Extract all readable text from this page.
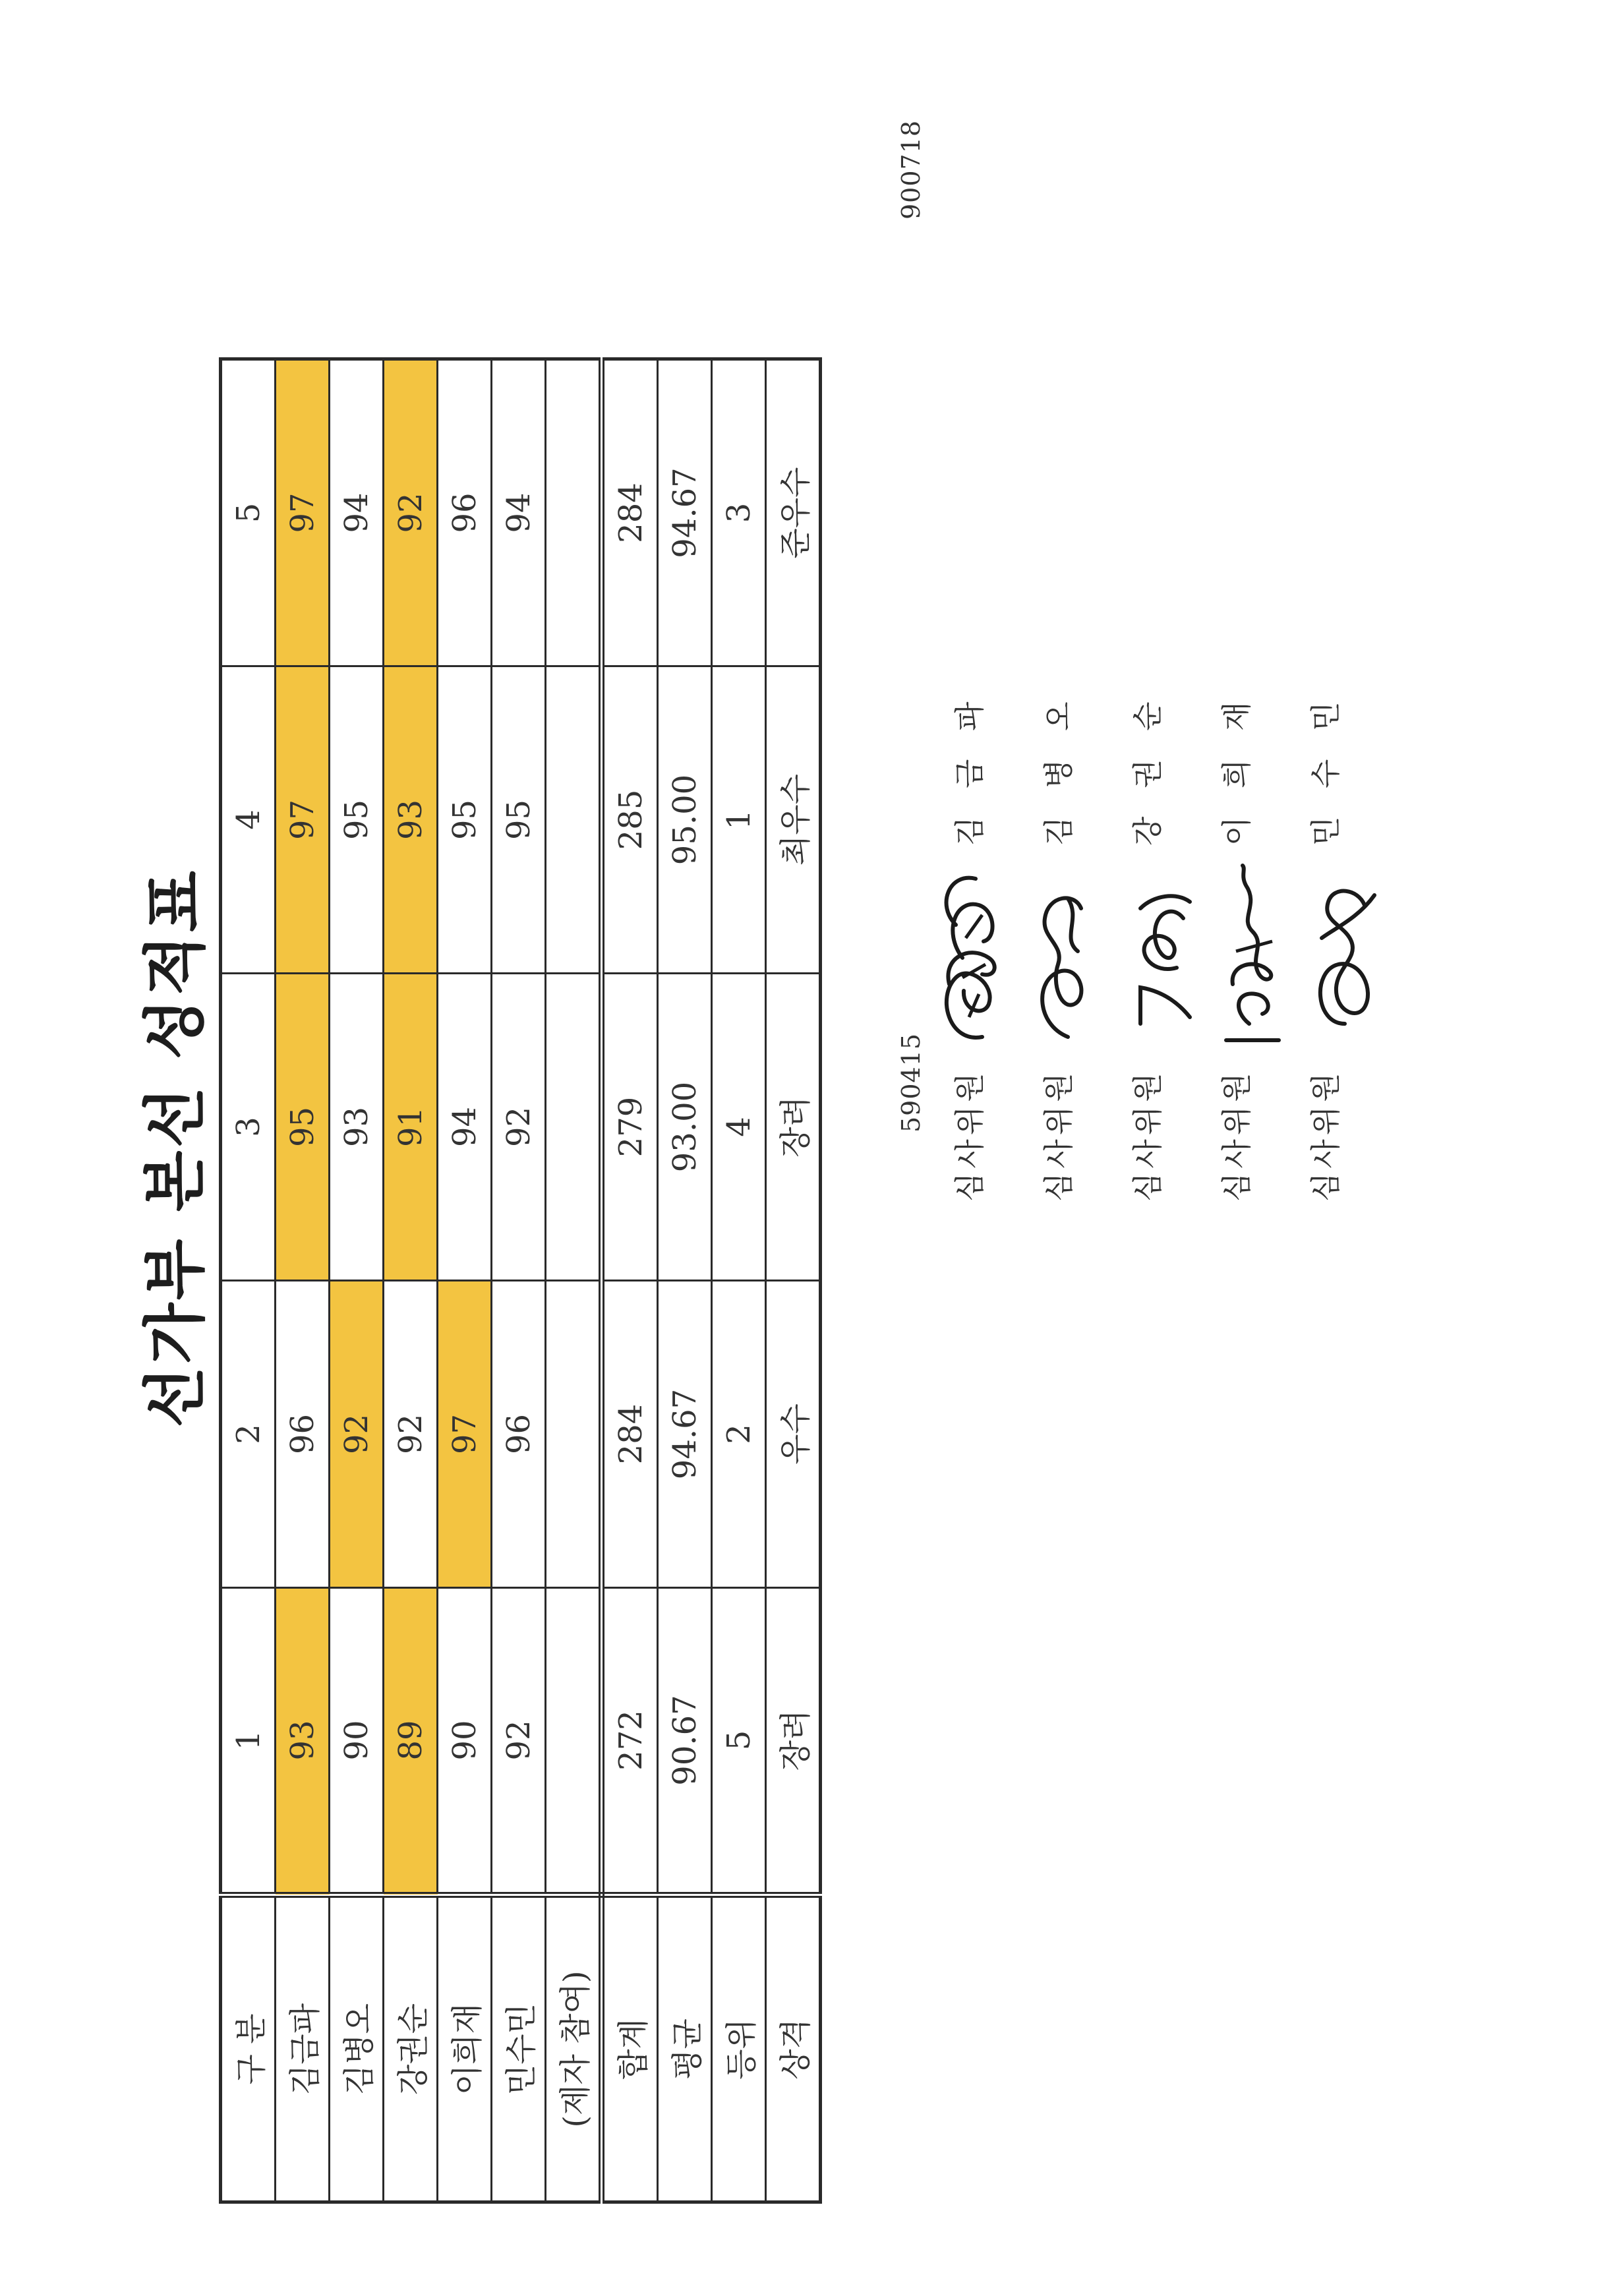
선가부 본선 성적표
구 분	1	2	3	4	5
김금파	93	96	95	97	97
김병오	90	92	93	95	94
강권순	89	92	91	93	92
이희재	90	97	94	95	96
민수민	92	96	92	95	94
(제자 참여)					
합계	272	284	279	285	284
평균	90.67	94.67	93.00	95.00	94.67
등위	5	2	4	1	3
상격	장려	우수	장려	최우수	준우수
590415
900718
심사위원
김 금 파
심사위원
김 병 오
심사위원
강 권 순
심사위원
이 희 재
심사위원
민 수 민
